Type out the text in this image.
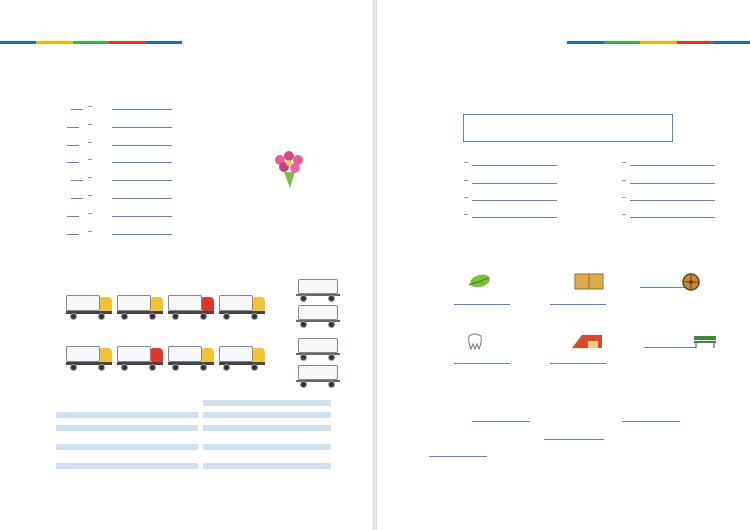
–
–
–
–
–
–
–
–
–
–
–
–
–
–
–
–
